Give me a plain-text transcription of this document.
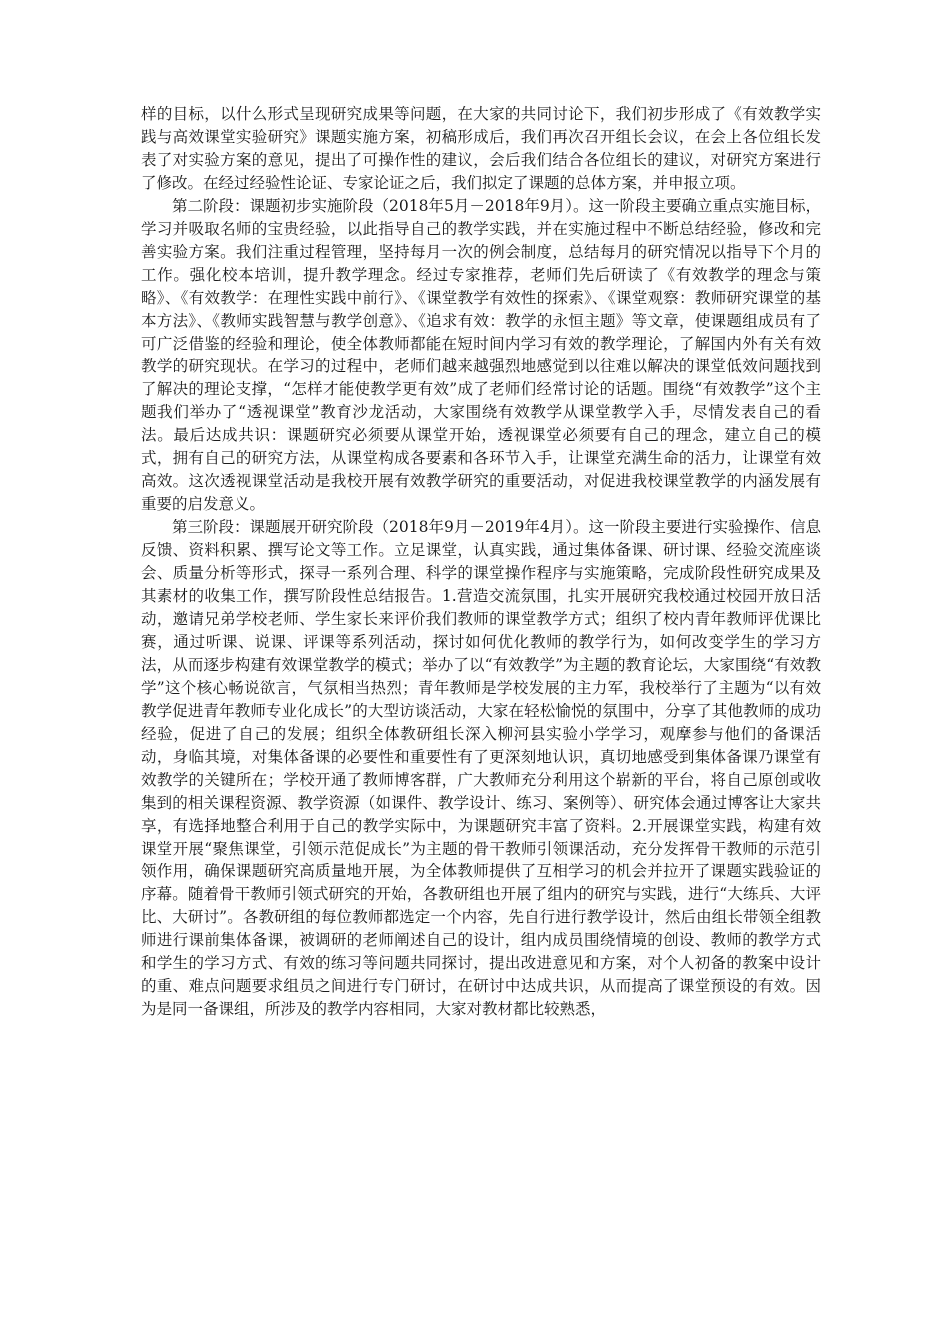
样的目标，以什么形式呈现研究成果等问题，在大家的共同讨论下，我们初步形成了《有效教学实践与高效课堂实验研究》课题实施方案，初稿形成后，我们再次召开组长会议，在会上各位组长发表了对实验方案的意见，提出了可操作性的建议，会后我们结合各位组长的建议，对研究方案进行了修改。在经过经验性论证、专家论证之后，我们拟定了课题的总体方案，并申报立项。

第二阶段：课题初步实施阶段（2018年5月－2018年9月）。这一阶段主要确立重点实施目标，学习并吸取名师的宝贵经验，以此指导自己的教学实践，并在实施过程中不断总结经验，修改和完善实验方案。我们注重过程管理，坚持每月一次的例会制度，总结每月的研究情况以指导下个月的工作。强化校本培训，提升教学理念。经过专家推荐，老师们先后研读了《有效教学的理念与策略》、《有效教学：在理性实践中前行》、《课堂教学有效性的探索》、《课堂观察：教师研究课堂的基本方法》、《教师实践智慧与教学创意》、《追求有效：教学的永恒主题》等文章，使课题组成员有了可广泛借鉴的经验和理论，使全体教师都能在短时间内学习有效的教学理论，了解国内外有关有效教学的研究现状。在学习的过程中，老师们越来越强烈地感觉到以往难以解决的课堂低效问题找到了解决的理论支撑，“怎样才能使教学更有效”成了老师们经常讨论的话题。围绕“有效教学”这个主题我们举办了“透视课堂”教育沙龙活动，大家围绕有效教学从课堂教学入手，尽情发表自己的看法。最后达成共识：课题研究必须要从课堂开始，透视课堂必须要有自己的理念，建立自己的模式，拥有自己的研究方法，从课堂构成各要素和各环节入手，让课堂充满生命的活力，让课堂有效高效。这次透视课堂活动是我校开展有效教学研究的重要活动，对促进我校课堂教学的内涵发展有重要的启发意义。

第三阶段：课题展开研究阶段（2018年9月－2019年4月）。这一阶段主要进行实验操作、信息反馈、资料积累、撰写论文等工作。立足课堂，认真实践，通过集体备课、研讨课、经验交流座谈会、质量分析等形式，探寻一系列合理、科学的课堂操作程序与实施策略，完成阶段性研究成果及其素材的收集工作，撰写阶段性总结报告。1.营造交流氛围，扎实开展研究我校通过校园开放日活动，邀请兄弟学校老师、学生家长来评价我们教师的课堂教学方式；组织了校内青年教师评优课比赛，通过听课、说课、评课等系列活动，探讨如何优化教师的教学行为，如何改变学生的学习方法，从而逐步构建有效课堂教学的模式；举办了以“有效教学”为主题的教育论坛，大家围绕“有效教学”这个核心畅说欲言，气氛相当热烈；青年教师是学校发展的主力军，我校举行了主题为“以有效教学促进青年教师专业化成长”的大型访谈活动，大家在轻松愉悦的氛围中，分享了其他教师的成功经验，促进了自己的发展；组织全体教研组长深入柳河县实验小学学习，观摩参与他们的备课活动，身临其境，对集体备课的必要性和重要性有了更深刻地认识，真切地感受到集体备课乃课堂有效教学的关键所在；学校开通了教师博客群，广大教师充分利用这个崭新的平台，将自己原创或收集到的相关课程资源、教学资源（如课件、教学设计、练习、案例等）、研究体会通过博客让大家共享，有选择地整合利用于自己的教学实际中，为课题研究丰富了资料。2.开展课堂实践，构建有效课堂开展“聚焦课堂，引领示范促成长”为主题的骨干教师引领课活动，充分发挥骨干教师的示范引领作用，确保课题研究高质量地开展，为全体教师提供了互相学习的机会并拉开了课题实践验证的序幕。随着骨干教师引领式研究的开始，各教研组也开展了组内的研究与实践，进行“大练兵、大评比、大研讨”。各教研组的每位教师都选定一个内容，先自行进行教学设计，然后由组长带领全组教师进行课前集体备课，被调研的老师阐述自己的设计，组内成员围绕情境的创设、教师的教学方式和学生的学习方式、有效的练习等问题共同探讨，提出改进意见和方案，对个人初备的教案中设计的重、难点问题要求组员之间进行专门研讨，在研讨中达成共识，从而提高了课堂预设的有效。因为是同一备课组，所涉及的教学内容相同，大家对教材都比较熟悉，
